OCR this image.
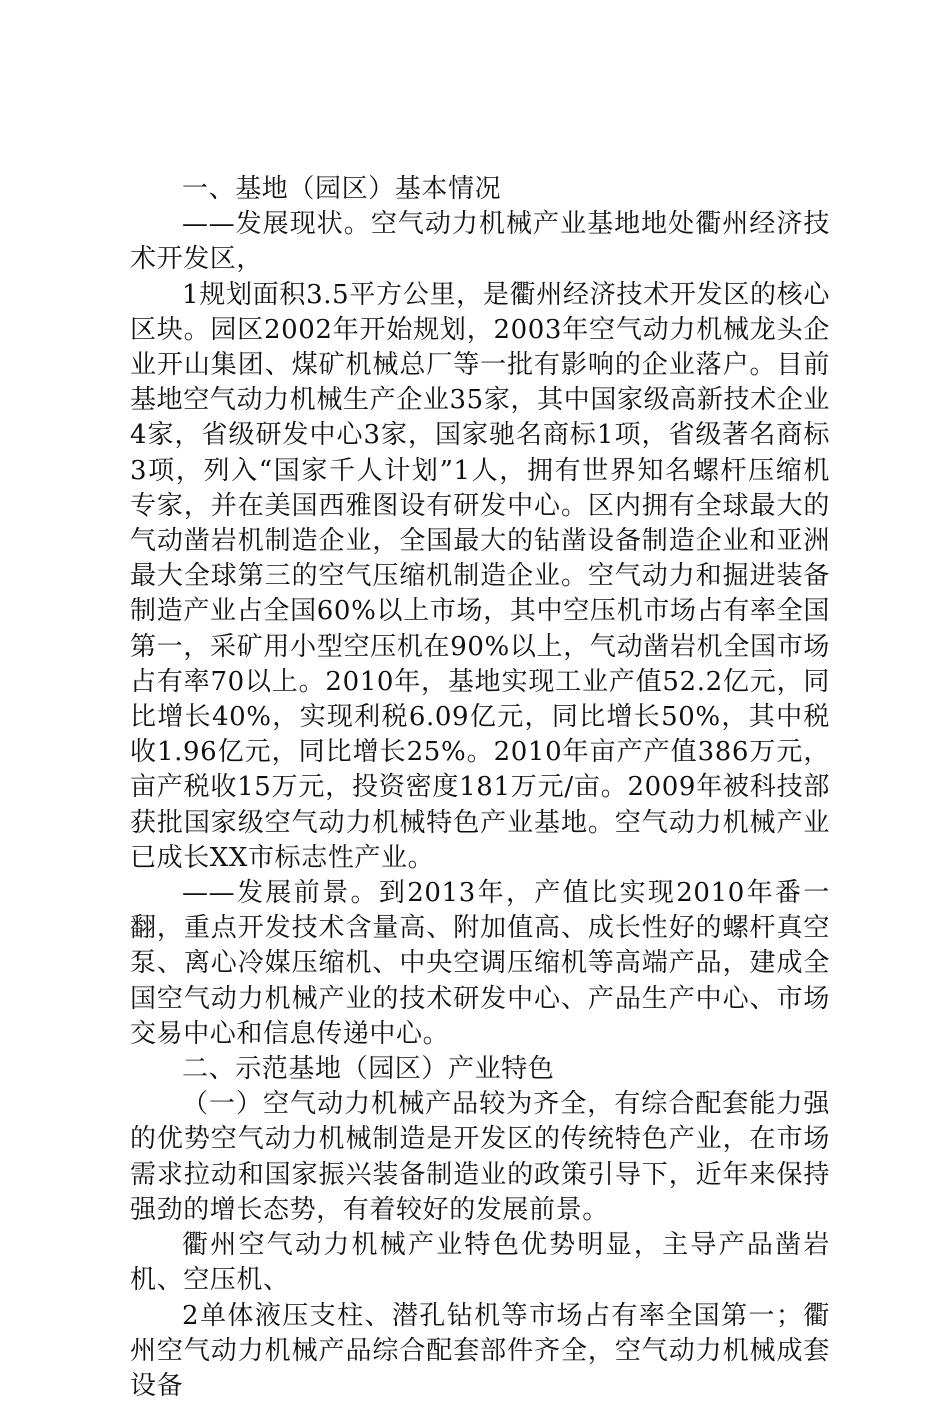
一、基地（园区）基本情况

——发展现状。空气动力机械产业基地地处衢州经济技术开发区，

1规划面积3.5平方公里，是衢州经济技术开发区的核心区块。园区2002年开始规划，2003年空气动力机械龙头企业开山集团、煤矿机械总厂等一批有影响的企业落户。目前基地空气动力机械生产企业35家，其中国家级高新技术企业4家，省级研发中心3家，国家驰名商标1项，省级著名商标3项，列入“国家千人计划”1人，拥有世界知名螺杆压缩机专家，并在美国西雅图设有研发中心。区内拥有全球最大的气动凿岩机制造企业，全国最大的钻凿设备制造企业和亚洲最大全球第三的空气压缩机制造企业。空气动力和掘进装备制造产业占全国60%以上市场，其中空压机市场占有率全国第一，采矿用小型空压机在90%以上，气动凿岩机全国市场占有率70以上。2010年，基地实现工业产值52.2亿元，同比增长40%，实现利税6.09亿元，同比增长50%，其中税收1.96亿元，同比增长25%。2010年亩产产值386万元，亩产税收15万元，投资密度181万元/亩。2009年被科技部获批国家级空气动力机械特色产业基地。空气动力机械产业已成长XX市标志性产业。

——发展前景。到2013年，产值比实现2010年番一翻，重点开发技术含量高、附加值高、成长性好的螺杆真空泵、离心冷媒压缩机、中央空调压缩机等高端产品，建成全国空气动力机械产业的技术研发中心、产品生产中心、市场交易中心和信息传递中心。

二、示范基地（园区）产业特色

（一）空气动力机械产品较为齐全，有综合配套能力强的优势空气动力机械制造是开发区的传统特色产业，在市场需求拉动和国家振兴装备制造业的政策引导下，近年来保持强劲的增长态势，有着较好的发展前景。

衢州空气动力机械产业特色优势明显，主导产品凿岩机、空压机、

2单体液压支柱、潜孔钻机等市场占有率全国第一；衢州空气动力机械产品综合配套部件齐全，空气动力机械成套设备
